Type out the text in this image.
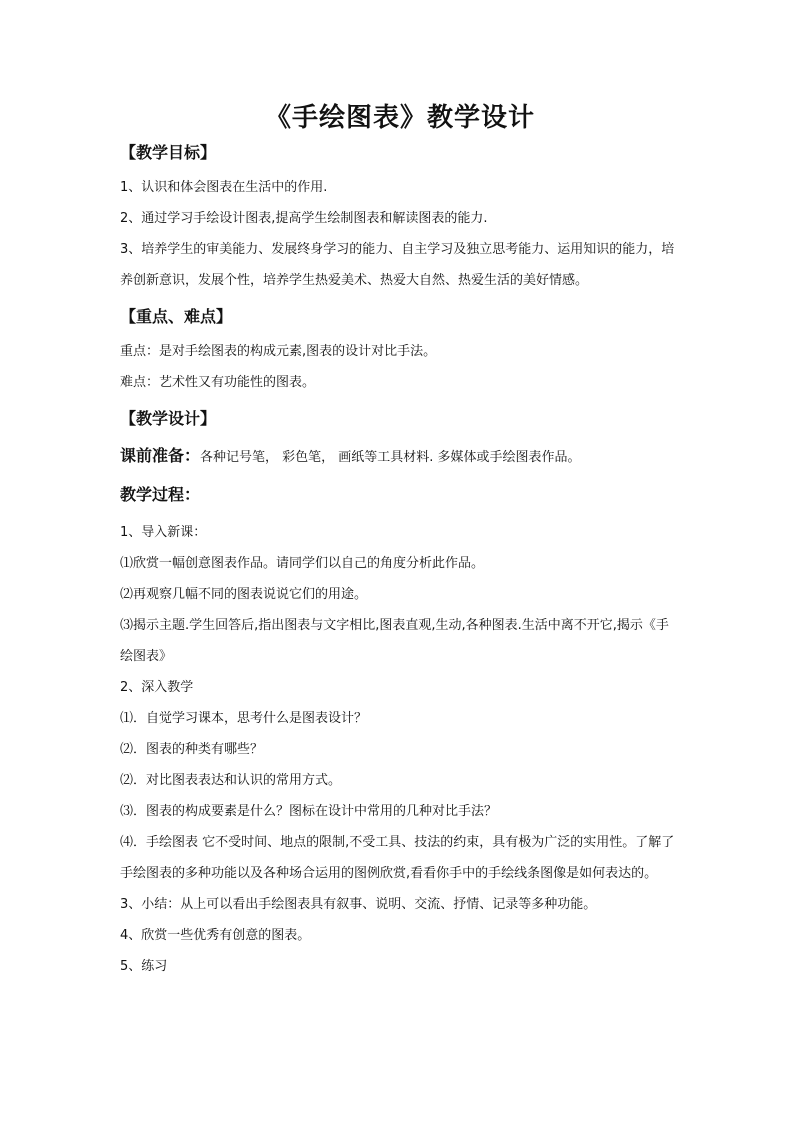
《手绘图表》教学设计

【教学目标】

1、认识和体会图表在生活中的作用.

2、通过学习手绘设计图表,提高学生绘制图表和解读图表的能力.

3、培养学生的审美能力、发展终身学习的能力、自主学习及独立思考能力、运用知识的能力，培养创新意识，发展个性，培养学生热爱美术、热爱大自然、热爱生活的美好情感。

【重点、难点】

重点：是对手绘图表的构成元素,图表的设计对比手法。

难点：艺术性又有功能性的图表。

【教学设计】

课前准备：各种记号笔， 彩色笔， 画纸等工具材料. 多媒体或手绘图表作品。

教学过程：

1、导入新课：

⑴欣赏一幅创意图表作品。请同学们以自己的角度分析此作品。

⑵再观察几幅不同的图表说说它们的用途。

⑶揭示主题.学生回答后,指出图表与文字相比,图表直观,生动,各种图表.生活中离不开它,揭示《手绘图表》

2、深入教学

⑴．自觉学习课本，思考什么是图表设计？

⑵．图表的种类有哪些？

⑵．对比图表表达和认识的常用方式。

⑶．图表的构成要素是什么？图标在设计中常用的几种对比手法？

⑷．手绘图表 它不受时间、地点的限制,不受工具、技法的约束，具有极为广泛的实用性。了解了手绘图表的多种功能以及各种场合运用的图例欣赏,看看你手中的手绘线条图像是如何表达的。

3、小结：从上可以看出手绘图表具有叙事、说明、交流、抒情、记录等多种功能。

4、欣赏一些优秀有创意的图表。

5、练习
